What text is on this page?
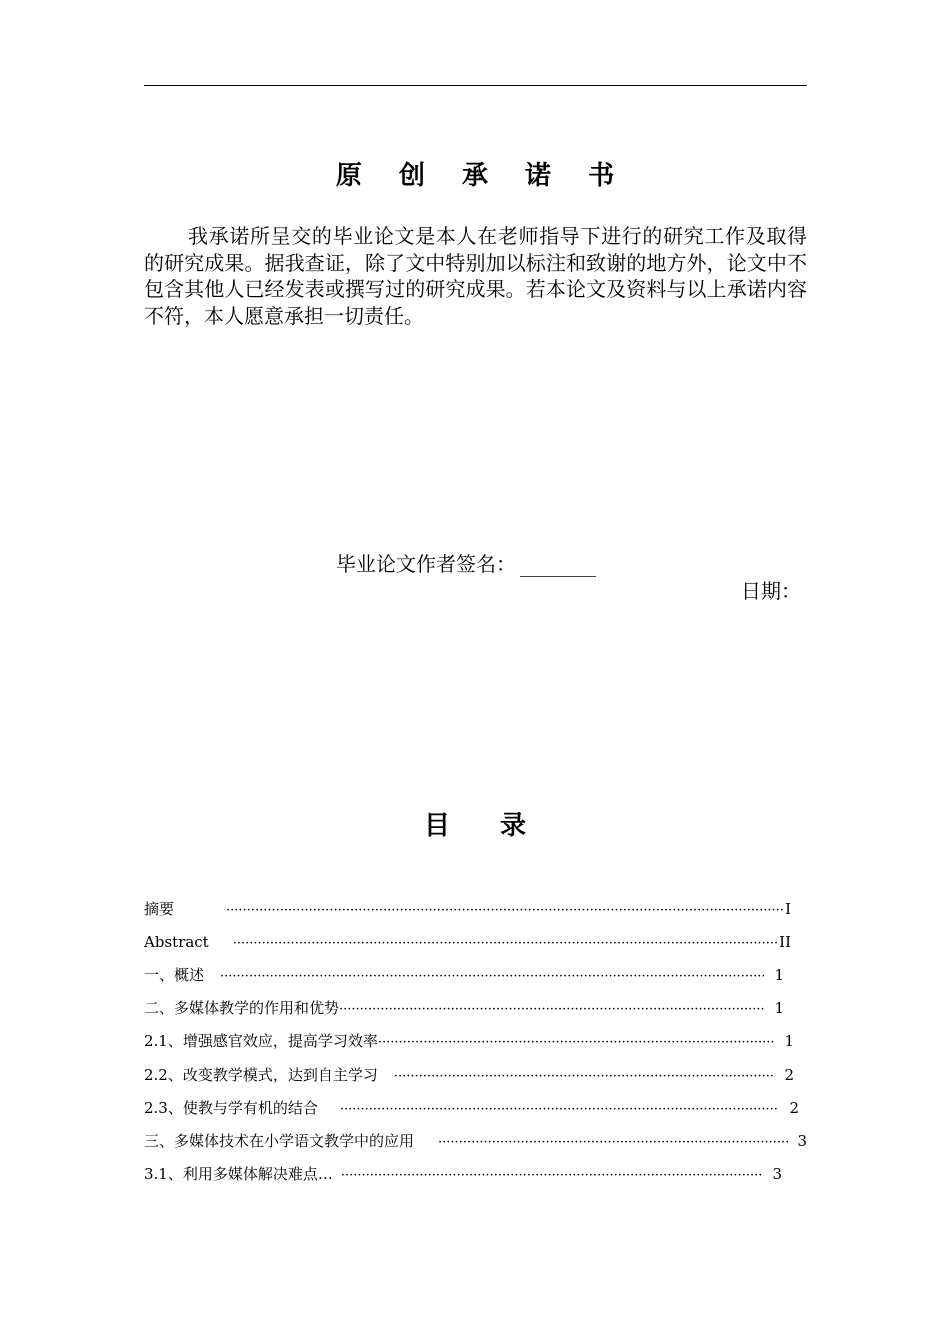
原 创 承 诺 书

我承诺所呈交的毕业论文是本人在老师指导下进行的研究工作及取得的研究成果。据我查证，除了文中特别加以标注和致谢的地方外，论文中不包含其他人已经发表或撰写过的研究成果。若本论文及资料与以上承诺内容不符，本人愿意承担一切责任。

毕业论文作者签名：
日期：
目 录
摘要 ·····	I
Abstract ·····	II
一、概述 ·····	1
二、多媒体教学的作用和优势 ·····	1
2.1、增强感官效应，提高学习效率 ·····	1
2.2、改变教学模式，达到自主学习 ·····	2
2.3、使教与学有机的结合 ·····	2
三、多媒体技术在小学语文教学中的应用 ·····	3
3.1、利用多媒体解决难点… ·····	3
